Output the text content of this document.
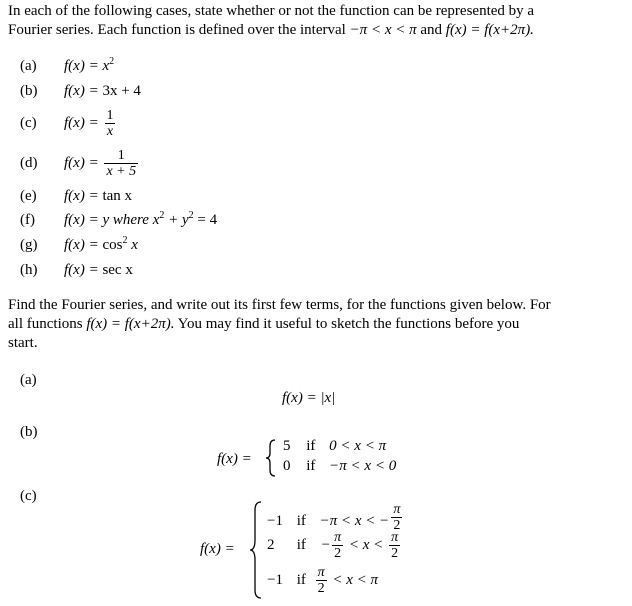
In each of the following cases, state whether or not the function can be represented by a
Fourier series. Each function is defined over the interval −π < x < π and f(x) = f(x+2π).
(a) $f(x) = x^2$
(b) f(x) = 3x + 4
(c) $f(x) = \frac{1}{x}$
(d) $f(x) = \frac{1}{x + 5}$
(e) f(x) = tan x
(f) f(x) = y where $x^2 + y^2 = 4$
(g) $f(x) = \cos^2 x$
(h) f(x) = sec x
Find the Fourier series, and write out its first few terms, for the functions given below. For
all functions f(x) = f(x+2π). You may find it useful to sketch the functions before you
start.
(a)
f(x) = |x|
(b)
f(x) =
5 if 0 < x < π
0 if −π < x < 0
(c)
f(x) =
−1 if −π < x < − $\frac{\pi}{2}$
2 if − $\frac{\pi}{2} < x < \frac{\pi}{2}$
−1 if $\frac{\pi}{2} < x < \pi$
